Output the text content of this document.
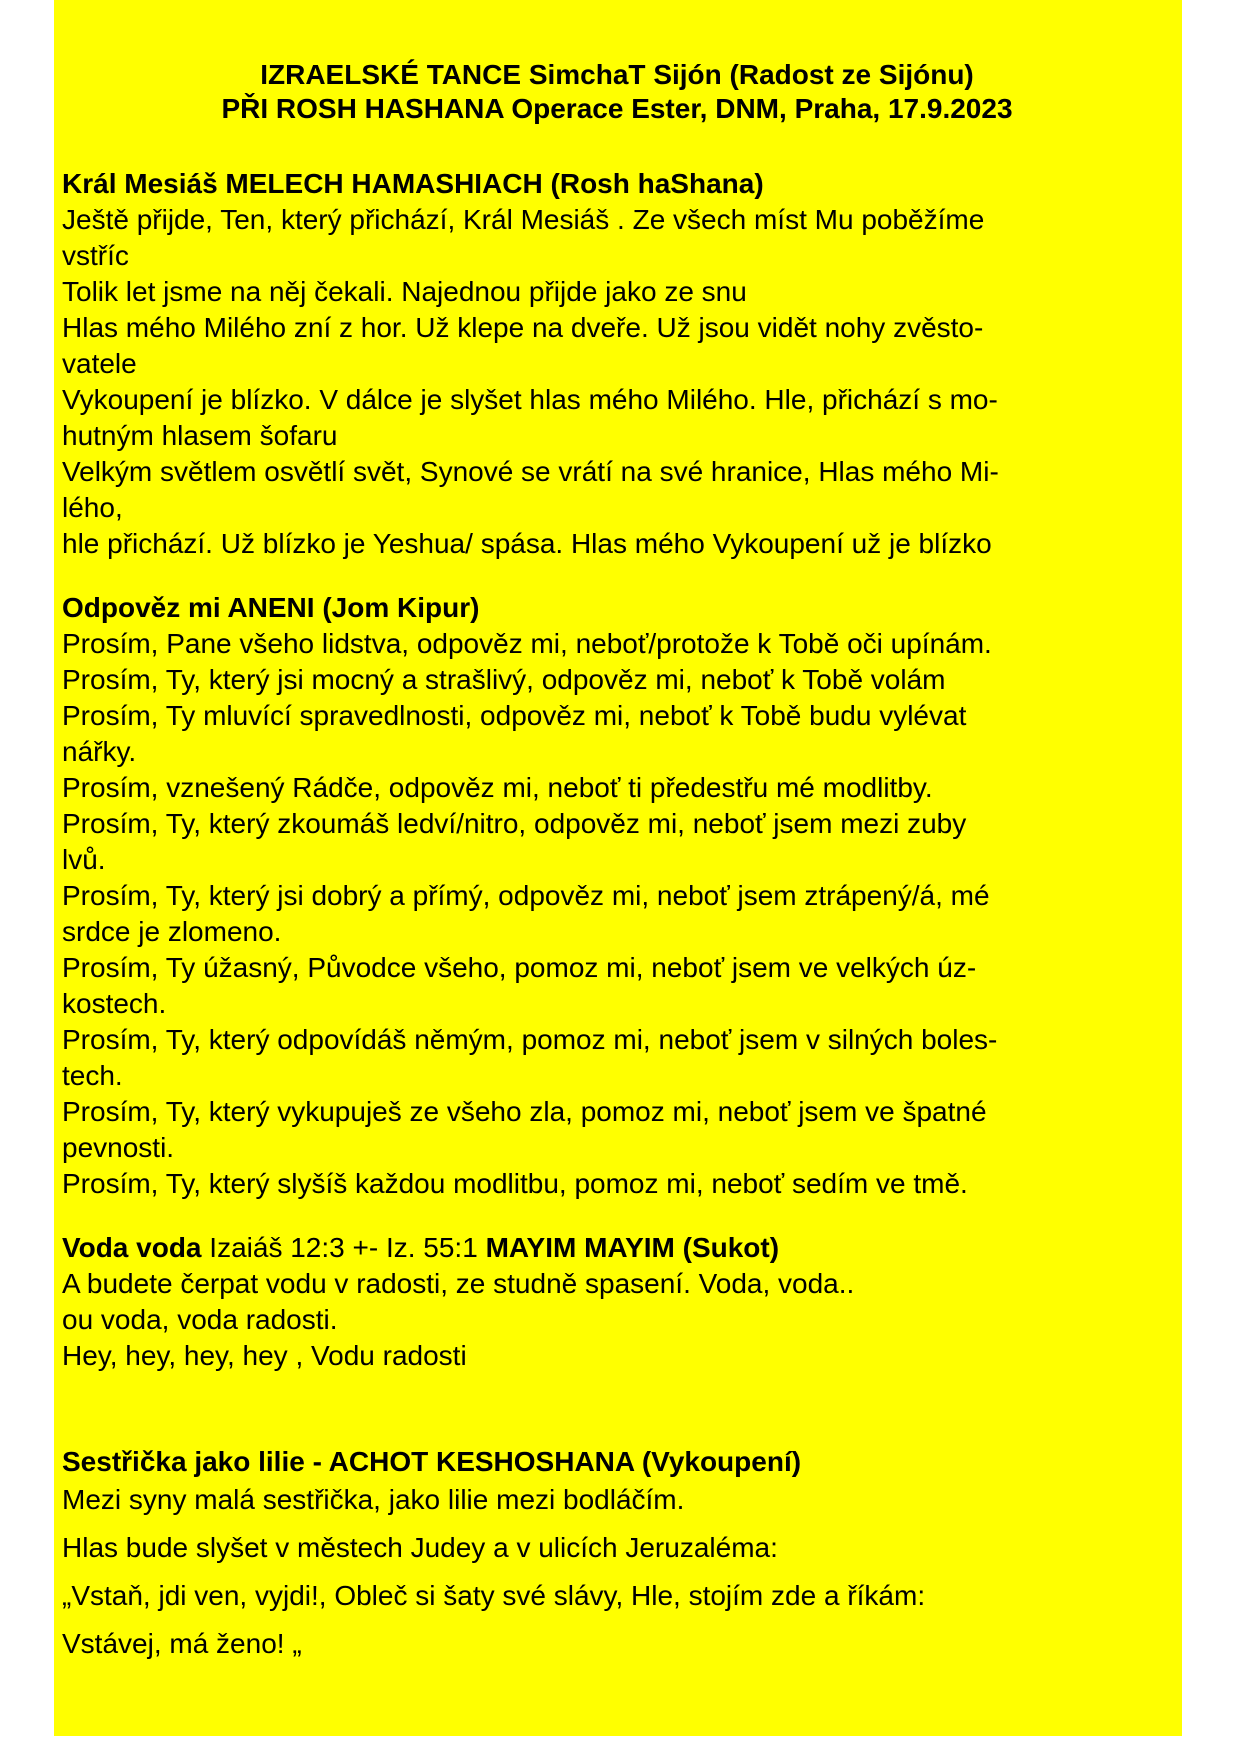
IZRAELSKÉ TANCE SimchaT Sijón (Radost ze Sijónu)
PŘI ROSH HASHANA Operace Ester, DNM, Praha, 17.9.2023
Král Mesiáš MELECH HAMASHIACH (Rosh haShana)
Ještě přijde, Ten, který přichází, Král Mesiáš . Ze všech míst Mu poběžíme
vstříc
Tolik let jsme na něj čekali. Najednou přijde jako ze snu
Hlas mého Milého zní z hor. Už klepe na dveře. Už jsou vidět nohy zvěsto-
vatele
Vykoupení je blízko. V dálce je slyšet hlas mého Milého. Hle, přichází s mo-
hutným hlasem šofaru
Velkým světlem osvětlí svět, Synové se vrátí na své hranice, Hlas mého Mi-
lého,
hle přichází. Už blízko je Yeshua/ spása. Hlas mého Vykoupení už je blízko
Odpověz mi ANENI (Jom Kipur)
Prosím, Pane všeho lidstva, odpověz mi, neboť/protože k Tobě oči upínám.
Prosím, Ty, který jsi mocný a strašlivý, odpověz mi, neboť k Tobě volám
Prosím, Ty mluvící spravedlnosti, odpověz mi, neboť k Tobě budu vylévat
nářky.
Prosím, vznešený Rádče, odpověz mi, neboť ti předestřu mé modlitby.
Prosím, Ty, který zkoumáš ledví/nitro, odpověz mi, neboť jsem mezi zuby
lvů.
Prosím, Ty, který jsi dobrý a přímý, odpověz mi, neboť jsem ztrápený/á, mé
srdce je zlomeno.
Prosím, Ty úžasný, Původce všeho, pomoz mi, neboť jsem ve velkých úz-
kostech.
Prosím, Ty, který odpovídáš němým, pomoz mi, neboť jsem v silných boles-
tech.
Prosím, Ty, který vykupuješ ze všeho zla, pomoz mi, neboť jsem ve špatné
pevnosti.
Prosím, Ty, který slyšíš každou modlitbu, pomoz mi, neboť sedím ve tmě.
Voda voda Izaiáš 12:3 +- Iz. 55:1 MAYIM MAYIM (Sukot)
A budete čerpat vodu v radosti, ze studně spasení. Voda, voda..
ou voda, voda radosti.
Hey, hey, hey, hey , Vodu radosti
Sestřička jako lilie - ACHOT KESHOSHANA (Vykoupení)
Mezi syny malá sestřička, jako lilie mezi bodláčím.
Hlas bude slyšet v městech Judey a v ulicích Jeruzaléma:
„Vstaň, jdi ven, vyjdi!, Obleč si šaty své slávy, Hle, stojím zde a říkám:
Vstávej, má ženo! „
